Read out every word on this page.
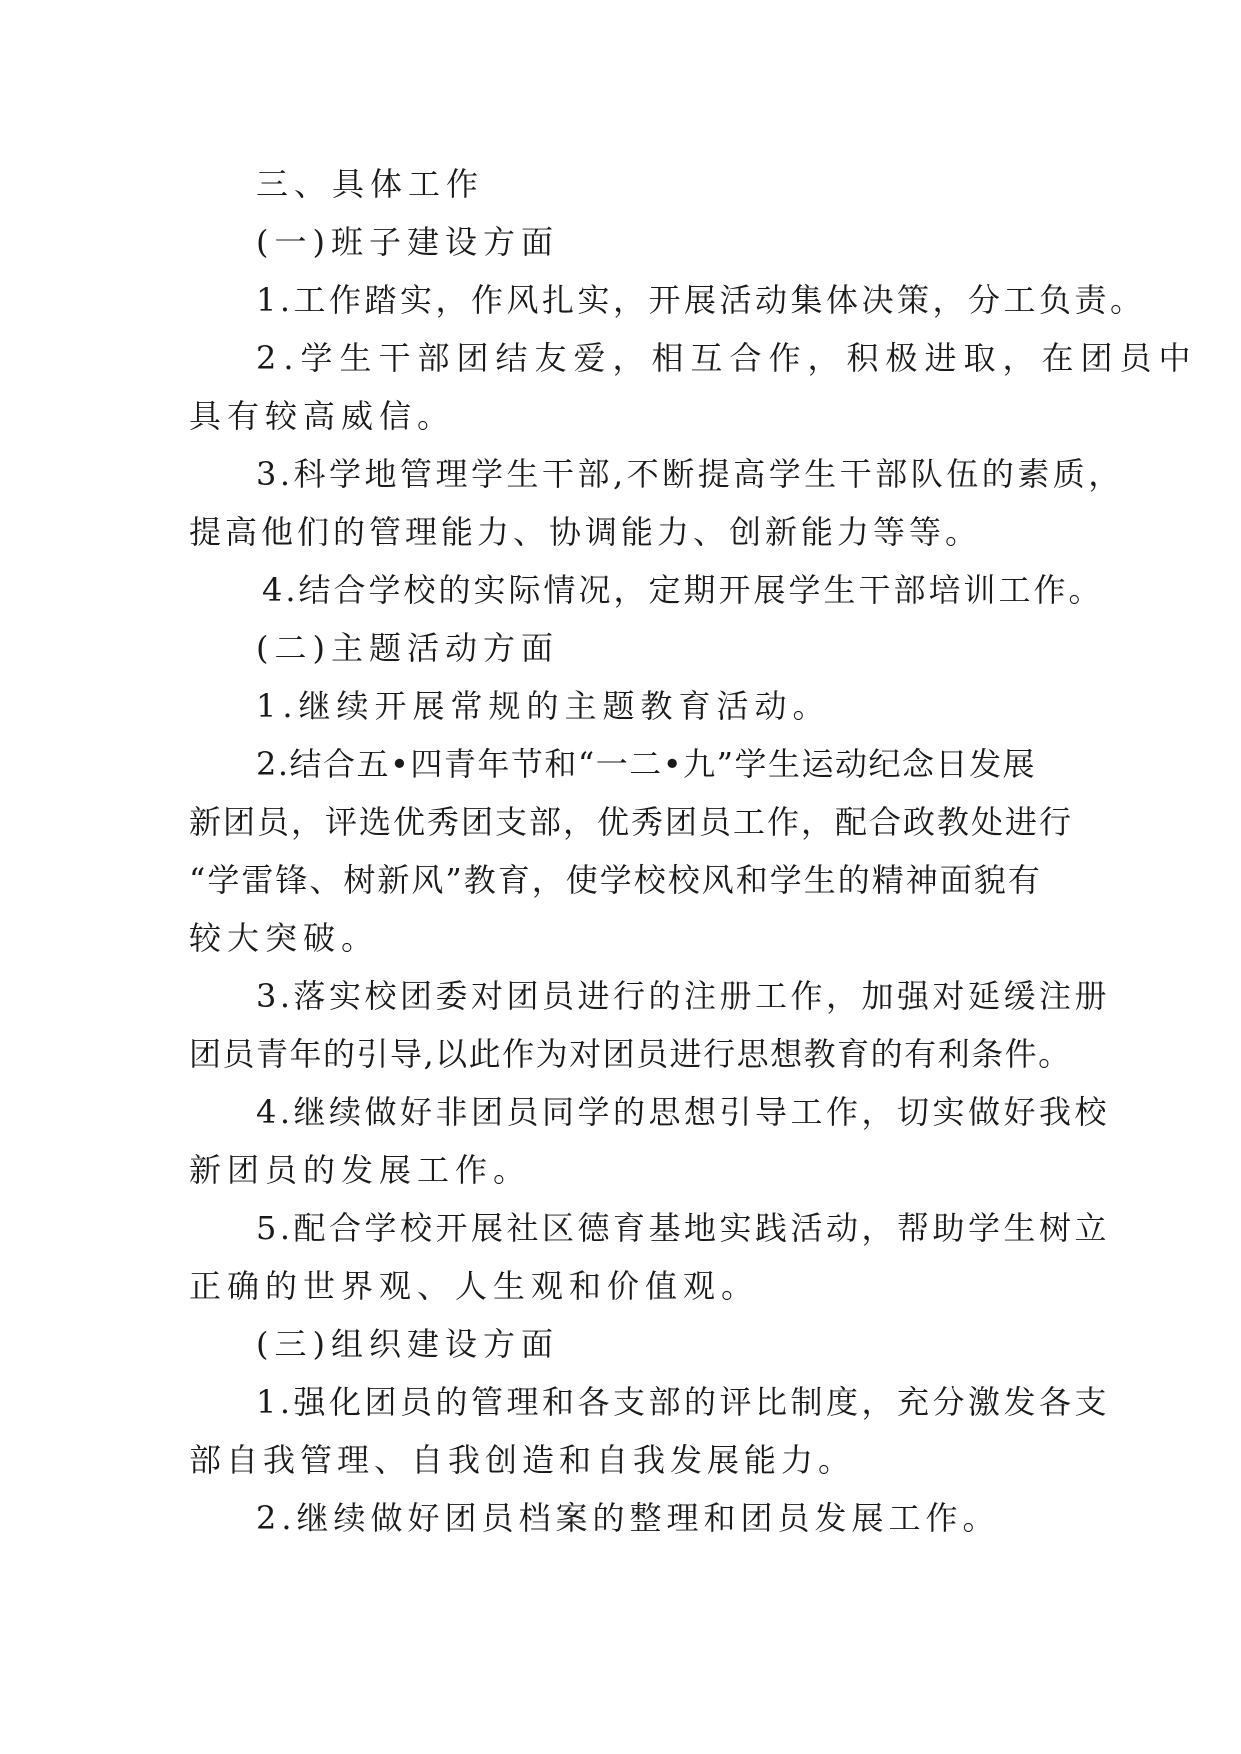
三、具体工作

(一)班子建设方面

1.工作踏实，作风扎实，开展活动集体决策，分工负责。

2.学生干部团结友爱，相互合作，积极进取，在团员中

具有较高威信。

3.科学地管理学生干部,不断提高学生干部队伍的素质，

提高他们的管理能力、协调能力、创新能力等等。

4.结合学校的实际情况，定期开展学生干部培训工作。

(二)主题活动方面

1.继续开展常规的主题教育活动。

2.结合五•四青年节和“一二•九”学生运动纪念日发展

新团员，评选优秀团支部，优秀团员工作，配合政教处进行

“学雷锋、树新风”教育，使学校校风和学生的精神面貌有

较大突破。

3.落实校团委对团员进行的注册工作，加强对延缓注册

团员青年的引导,以此作为对团员进行思想教育的有利条件。

4.继续做好非团员同学的思想引导工作，切实做好我校

新团员的发展工作。

5.配合学校开展社区德育基地实践活动，帮助学生树立

正确的世界观、人生观和价值观。

(三)组织建设方面

1.强化团员的管理和各支部的评比制度，充分激发各支

部自我管理、自我创造和自我发展能力。

2.继续做好团员档案的整理和团员发展工作。
